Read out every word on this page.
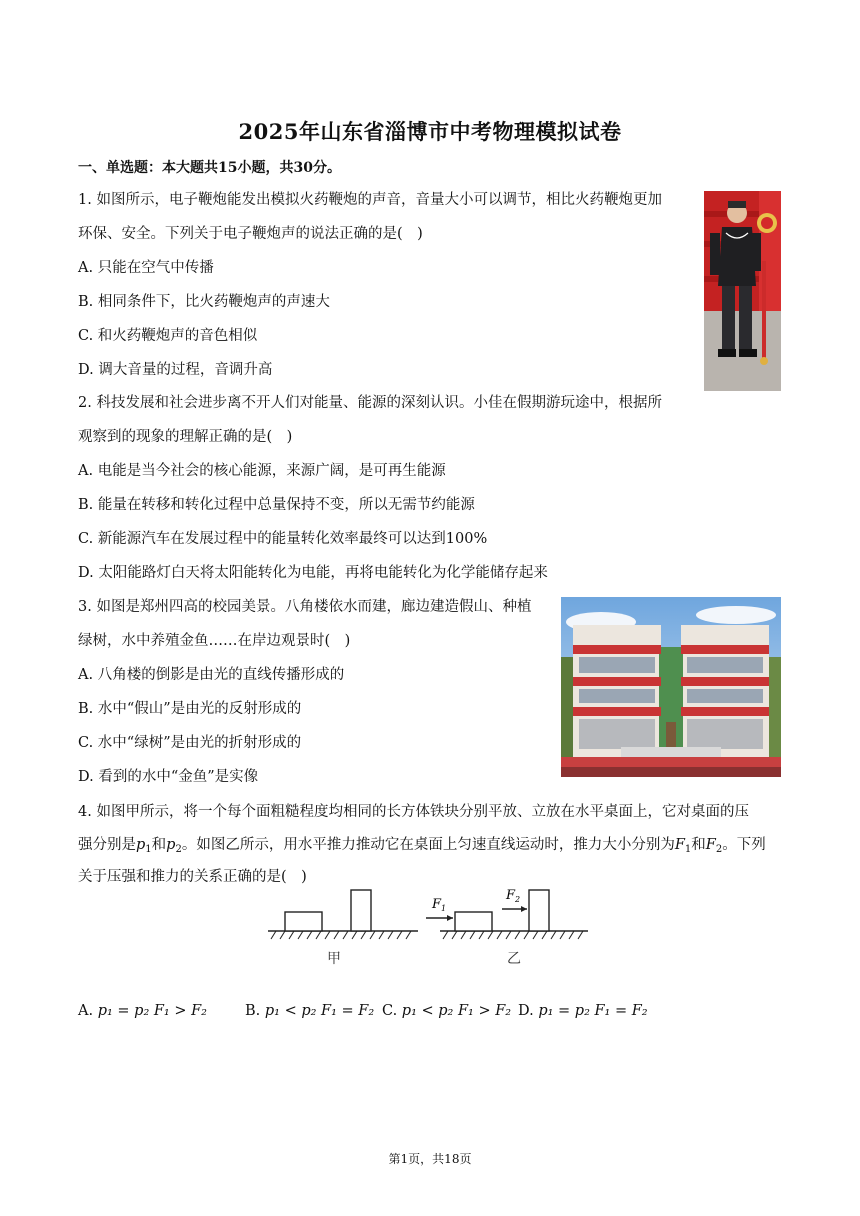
2025年山东省淄博市中考物理模拟试卷
一、单选题：本大题共15小题，共30分。
1. 如图所示，电子鞭炮能发出模拟火药鞭炮的声音，音量大小可以调节，相比火药鞭炮更加
环保、安全。下列关于电子鞭炮声的说法正确的是(　)
A. 只能在空气中传播
B. 相同条件下，比火药鞭炮声的声速大
C. 和火药鞭炮声的音色相似
D. 调大音量的过程，音调升高
2. 科技发展和社会进步离不开人们对能量、能源的深刻认识。小佳在假期游玩途中，根据所
观察到的现象的理解正确的是(　)
A. 电能是当今社会的核心能源，来源广阔，是可再生能源
B. 能量在转移和转化过程中总量保持不变，所以无需节约能源
C. 新能源汽车在发展过程中的能量转化效率最终可以达到100%
D. 太阳能路灯白天将太阳能转化为电能，再将电能转化为化学能储存起来
3. 如图是郑州四高的校园美景。八角楼依水而建，廊边建造假山、种植
绿树，水中养殖金鱼……在岸边观景时(　)
A. 八角楼的倒影是由光的直线传播形成的
B. 水中“假山”是由光的反射形成的
C. 水中“绿树”是由光的折射形成的
D. 看到的水中“金鱼”是实像
4. 如图甲所示，将一个每个面粗糙程度均相同的长方体铁块分别平放、立放在水平桌面上，它对桌面的压
强分别是$p_1$和$p_2$。如图乙所示，用水平推力推动它在桌面上匀速直线运动时，推力大小分别为$F_1$和$F_2$。下列
关于压强和推力的关系正确的是(　)
$F_1$
$F_2$
甲	乙
A. p₁ = p₂ F₁ > F₂	B. p₁ < p₂ F₁ = F₂ C. p₁ < p₂ F₁ > F₂ D. p₁ = p₂ F₁ = F₂
第1页，共18页
